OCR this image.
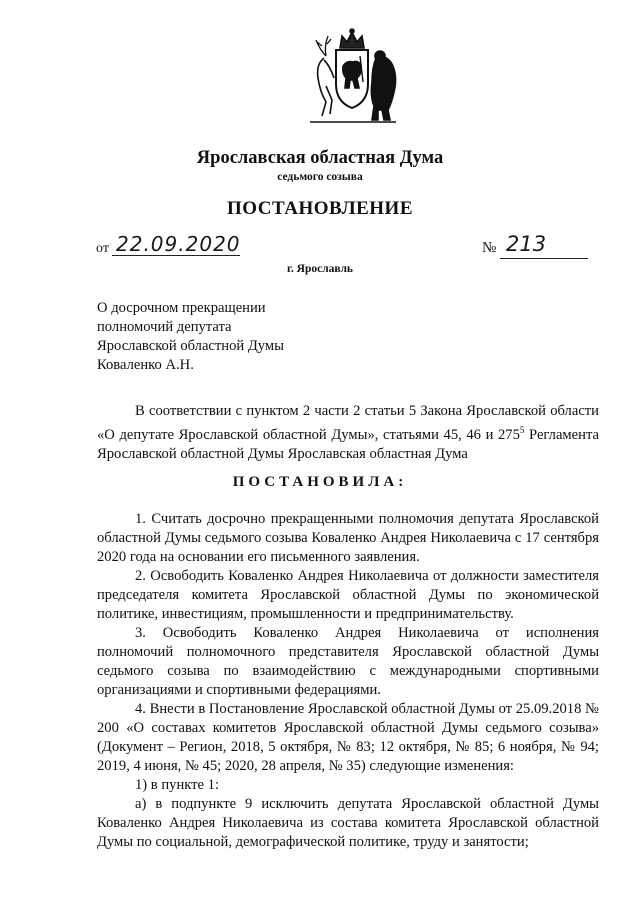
Ярославская областная Дума
седьмого созыва
ПОСТАНОВЛЕНИЕ
от 22.09.2020	№ 213
г. Ярославль
О досрочном прекращении
полномочий депутата
Ярославской областной Думы
Коваленко А.Н.

В соответствии с пунктом 2 части 2 статьи 5 Закона Ярославской области «О депутате Ярославской областной Думы», статьями 45, 46 и $275^5$ Регламента Ярославской областной Думы Ярославская областная Дума

ПОСТАНОВИЛА:

1. Считать досрочно прекращенными полномочия депутата Ярославской областной Думы седьмого созыва Коваленко Андрея Николаевича с 17 сентября 2020 года на основании его письменного заявления.

2. Освободить Коваленко Андрея Николаевича от должности заместителя председателя комитета Ярославской областной Думы по экономической политике, инвестициям, промышленности и предпринимательству.

3. Освободить Коваленко Андрея Николаевича от исполнения полномочий полномочного представителя Ярославской областной Думы седьмого созыва по взаимодействию с международными спортивными организациями и спортивными федерациями.

4. Внести в Постановление Ярославской областной Думы от 25.09.2018 № 200 «О составах комитетов Ярославской областной Думы седьмого созыва» (Документ – Регион, 2018, 5 октября, № 83; 12 октября, № 85; 6 ноября, № 94; 2019, 4 июня, № 45; 2020, 28 апреля, № 35) следующие изменения:

1) в пункте 1:

а) в подпункте 9 исключить депутата Ярославской областной Думы Коваленко Андрея Николаевича из состава комитета Ярославской областной Думы по социальной, демографической политике, труду и занятости;
